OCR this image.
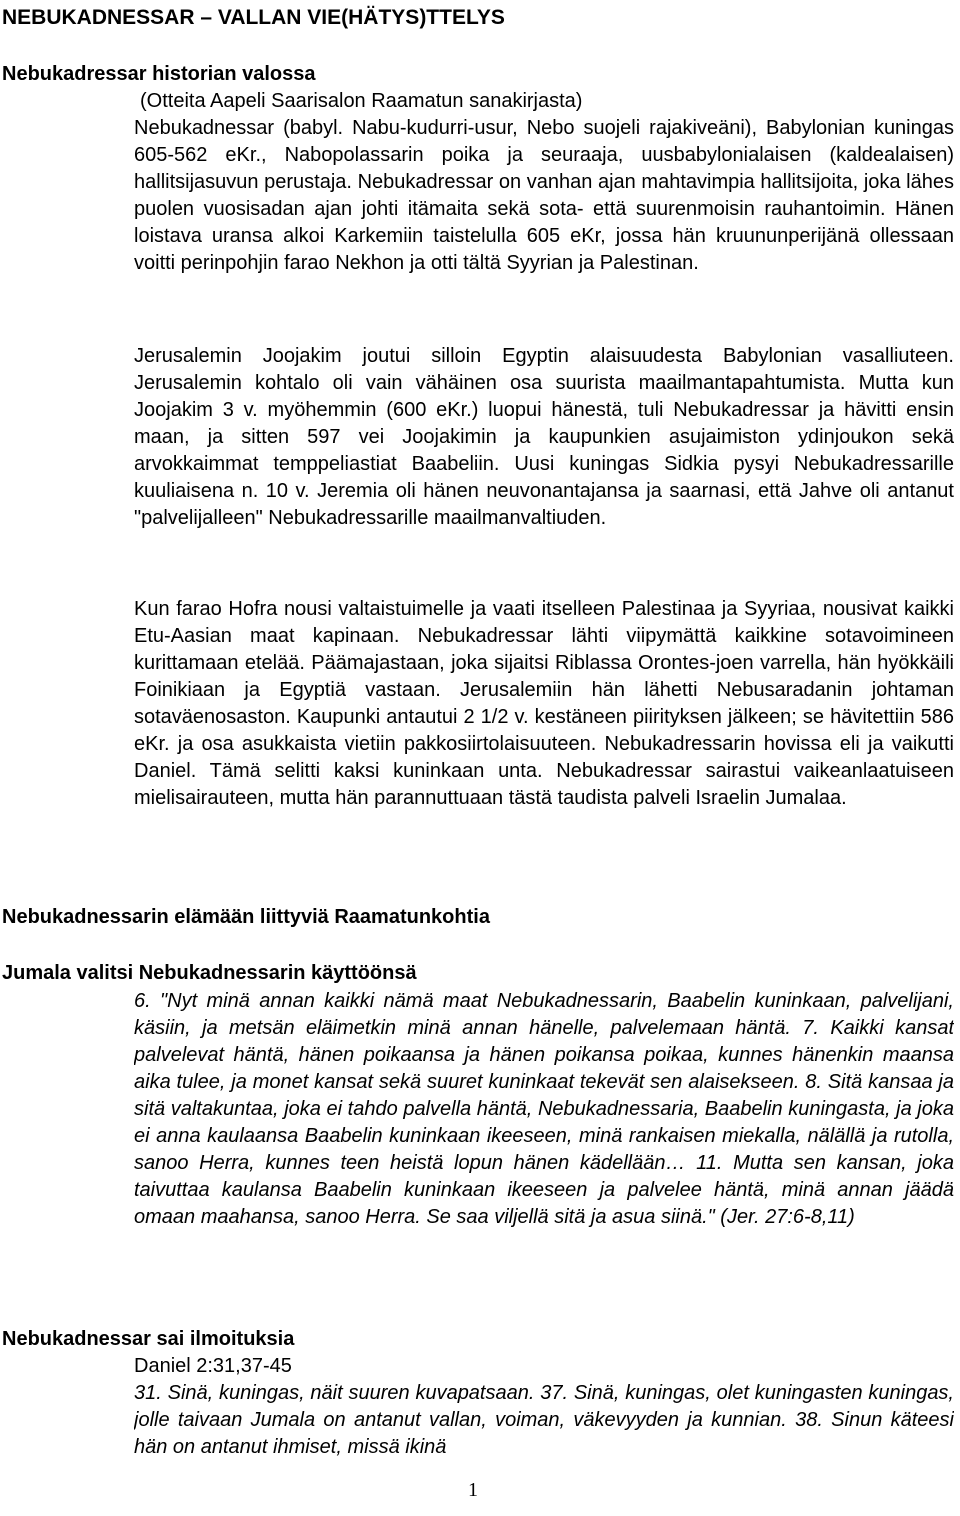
NEBUKADNESSAR – VALLAN VIE(HÄTYS)TTELYS
Nebukadressar historian valossa

(Otteita Aapeli Saarisalon Raamatun sanakirjasta)

Nebukadnessar (babyl. Nabu-kudurri-usur, Nebo suojeli rajakiveäni), Babylonian kuningas 605-562 eKr., Nabopolassarin poika ja seuraaja, uusbabylonialaisen (kaldealaisen) hallitsijasuvun perustaja. Nebukadressar on vanhan ajan mahtavimpia hallitsijoita, joka lähes puolen vuosisadan ajan johti itämaita sekä sota- että suurenmoisin rauhantoimin. Hänen loistava uransa alkoi Karkemiin taistelulla 605 eKr, jossa hän kruununperijänä ollessaan voitti perinpohjin farao Nekhon ja otti tältä Syyrian ja Palestinan.

Jerusalemin Joojakim joutui silloin Egyptin alaisuudesta Babylonian vasalliuteen. Jerusalemin kohtalo oli vain vähäinen osa suurista maailmantapahtumista. Mutta kun Joojakim 3 v. myöhemmin (600 eKr.) luopui hänestä, tuli Nebukadressar ja hävitti ensin maan, ja sitten 597 vei Joojakimin ja kaupunkien asujaimiston ydinjoukon sekä arvokkaimmat temppeliastiat Baabeliin. Uusi kuningas Sidkia pysyi Nebukadressarille kuuliaisena n. 10 v. Jeremia oli hänen neuvonantajansa ja saarnasi, että Jahve oli antanut "palvelijalleen" Nebukadressarille maailmanvaltiuden.

Kun farao Hofra nousi valtaistuimelle ja vaati itselleen Palestinaa ja Syyriaa, nousivat kaikki Etu-Aasian maat kapinaan. Nebukadressar lähti viipymättä kaikkine sotavoimineen kurittamaan etelää. Päämajastaan, joka sijaitsi Riblassa Orontes-joen varrella, hän hyökkäili Foinikiaan ja Egyptiä vastaan. Jerusalemiin hän lähetti Nebusaradanin johtaman sotaväenosaston. Kaupunki antautui 2 1/2 v. kestäneen piirityksen jälkeen; se hävitettiin 586 eKr. ja osa asukkaista vietiin pakkosiirtolaisuuteen. Nebukadressarin hovissa eli ja vaikutti Daniel. Tämä selitti kaksi kuninkaan unta. Nebukadressar sairastui vaikeanlaatuiseen mielisairauteen, mutta hän parannuttuaan tästä taudista palveli Israelin Jumalaa.

Nebukadnessarin elämään liittyviä Raamatunkohtia
Jumala valitsi Nebukadnessarin käyttöönsä

6. "Nyt minä annan kaikki nämä maat Nebukadnessarin, Baabelin kuninkaan, palvelijani, käsiin, ja metsän eläimetkin minä annan hänelle, palvelemaan häntä. 7. Kaikki kansat palvelevat häntä, hänen poikaansa ja hänen poikansa poikaa, kunnes hänenkin maansa aika tulee, ja monet kansat sekä suuret kuninkaat tekevät sen alaisekseen. 8. Sitä kansaa ja sitä valtakuntaa, joka ei tahdo palvella häntä, Nebukadnessaria, Baabelin kuningasta, ja joka ei anna kaulaansa Baabelin kuninkaan ikeeseen, minä rankaisen miekalla, nälällä ja rutolla, sanoo Herra, kunnes teen heistä lopun hänen kädellään… 11. Mutta sen kansan, joka taivuttaa kaulansa Baabelin kuninkaan ikeeseen ja palvelee häntä, minä annan jäädä omaan maahansa, sanoo Herra. Se saa viljellä sitä ja asua siinä." (Jer. 27:6-8,11)

Nebukadnessar sai ilmoituksia

Daniel 2:31,37-45

31. Sinä, kuningas, näit suuren kuvapatsaan. 37. Sinä, kuningas, olet kuningasten kuningas, jolle taivaan Jumala on antanut vallan, voiman, väkevyyden ja kunnian. 38. Sinun käteesi hän on antanut ihmiset, missä ikinä

1
